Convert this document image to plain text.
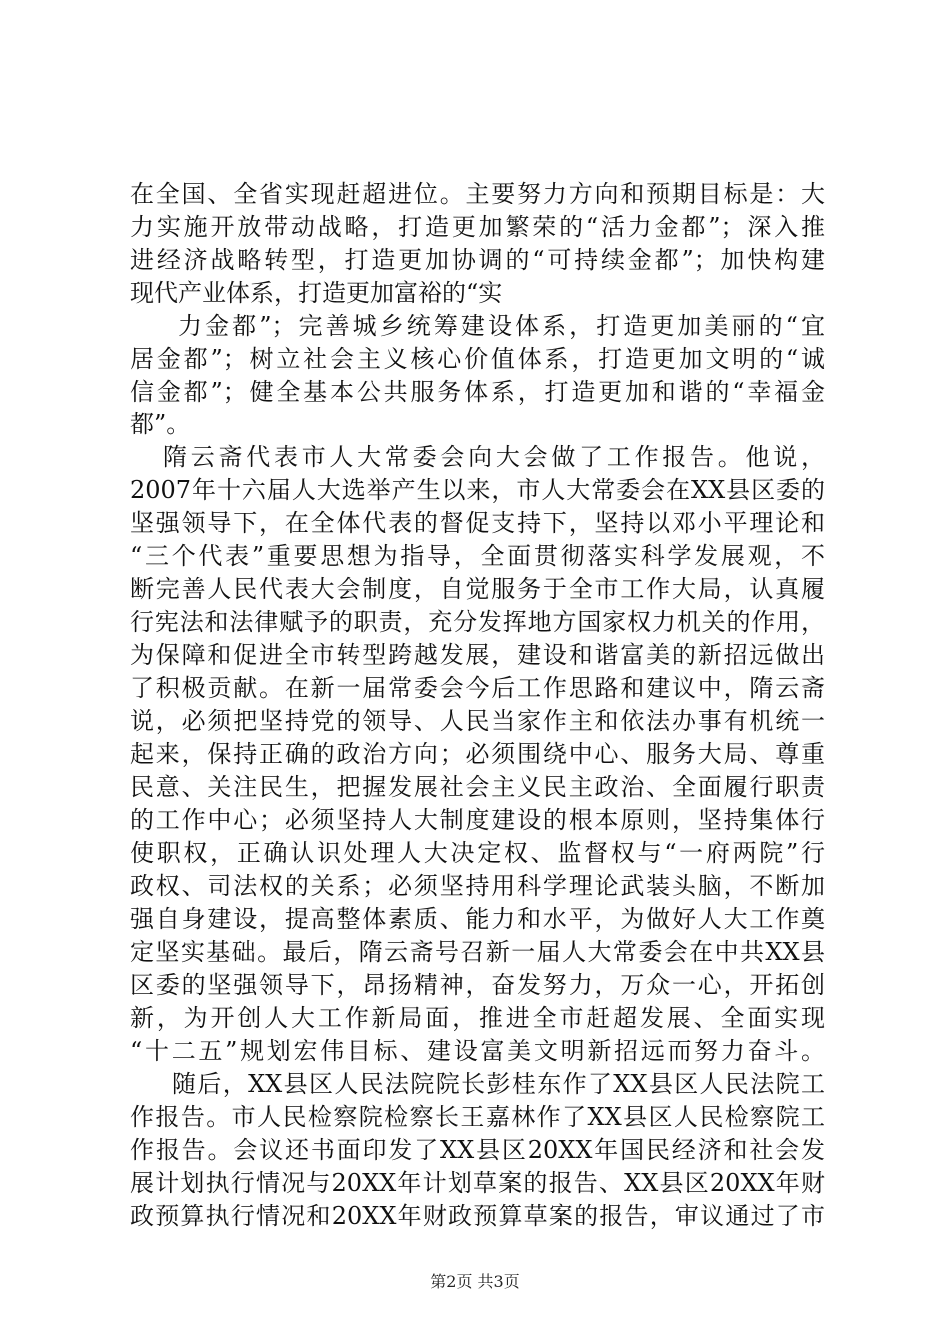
在全国、全省实现赶超进位。主要努力方向和预期目标是：大
力实施开放带动战略，打造更加繁荣的“活力金都”；深入推
进经济战略转型，打造更加协调的“可持续金都”；加快构建
现代产业体系，打造更加富裕的“实
力金都”；完善城乡统筹建设体系，打造更加美丽的“宜
居金都”；树立社会主义核心价值体系，打造更加文明的“诚
信金都”；健全基本公共服务体系，打造更加和谐的“幸福金
都”。
隋云斋代表市人大常委会向大会做了工作报告。他说，
2007年十六届人大选举产生以来，市人大常委会在XX县区委的
坚强领导下，在全体代表的督促支持下，坚持以邓小平理论和
“三个代表”重要思想为指导，全面贯彻落实科学发展观，不
断完善人民代表大会制度，自觉服务于全市工作大局，认真履
行宪法和法律赋予的职责，充分发挥地方国家权力机关的作用，
为保障和促进全市转型跨越发展，建设和谐富美的新招远做出
了积极贡献。在新一届常委会今后工作思路和建议中，隋云斋
说，必须把坚持党的领导、人民当家作主和依法办事有机统一
起来，保持正确的政治方向；必须围绕中心、服务大局、尊重
民意、关注民生，把握发展社会主义民主政治、全面履行职责
的工作中心；必须坚持人大制度建设的根本原则，坚持集体行
使职权，正确认识处理人大决定权、监督权与“一府两院”行
政权、司法权的关系；必须坚持用科学理论武装头脑，不断加
强自身建设，提高整体素质、能力和水平，为做好人大工作奠
定坚实基础。最后，隋云斋号召新一届人大常委会在中共XX县
区委的坚强领导下，昂扬精神，奋发努力，万众一心，开拓创
新，为开创人大工作新局面，推进全市赶超发展、全面实现
“十二五”规划宏伟目标、建设富美文明新招远而努力奋斗。
随后，XX县区人民法院院长彭桂东作了XX县区人民法院工
作报告。市人民检察院检察长王嘉林作了XX县区人民检察院工
作报告。会议还书面印发了XX县区20XX年国民经济和社会发
展计划执行情况与20XX年计划草案的报告、XX县区20XX年财
政预算执行情况和20XX年财政预算草案的报告，审议通过了市
第2页 共3页
